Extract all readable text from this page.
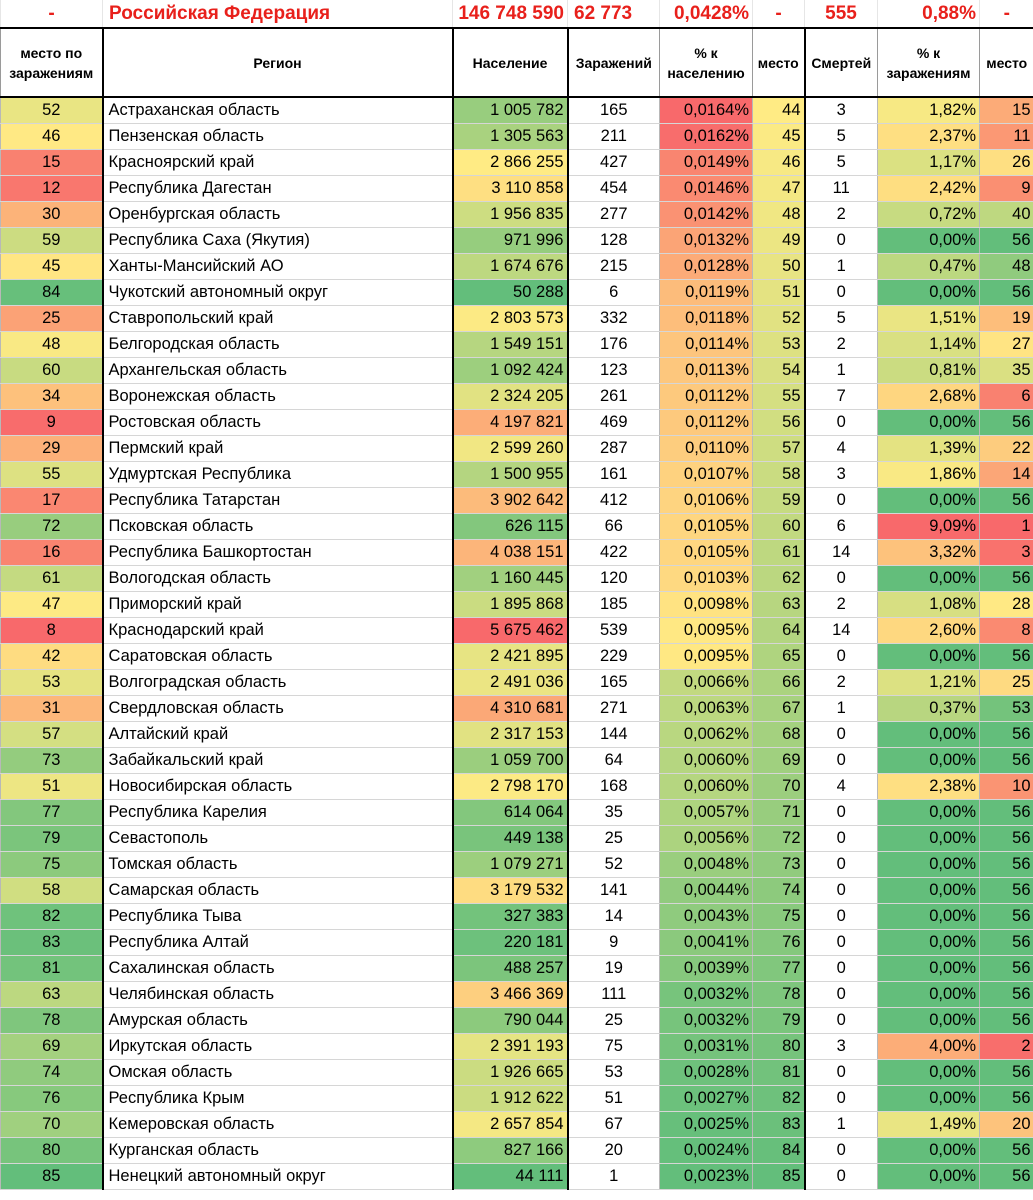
-	Российская Федерация	146 748 590	62 773	0,0428%	-	555	0,88%	-
место по заражениям	Регион	Население	Заражений	% к населению	место	Смертей	% к заражениям	место
52	Астраханская область	1 005 782	165	0,0164%	44	3	1,82%	15
46	Пензенская область	1 305 563	211	0,0162%	45	5	2,37%	11
15	Красноярский край	2 866 255	427	0,0149%	46	5	1,17%	26
12	Республика Дагестан	3 110 858	454	0,0146%	47	11	2,42%	9
30	Оренбургская область	1 956 835	277	0,0142%	48	2	0,72%	40
59	Республика Саха (Якутия)	971 996	128	0,0132%	49	0	0,00%	56
45	Ханты-Мансийский АО	1 674 676	215	0,0128%	50	1	0,47%	48
84	Чукотский автономный округ	50 288	6	0,0119%	51	0	0,00%	56
25	Ставропольский край	2 803 573	332	0,0118%	52	5	1,51%	19
48	Белгородская область	1 549 151	176	0,0114%	53	2	1,14%	27
60	Архангельская область	1 092 424	123	0,0113%	54	1	0,81%	35
34	Воронежская область	2 324 205	261	0,0112%	55	7	2,68%	6
9	Ростовская область	4 197 821	469	0,0112%	56	0	0,00%	56
29	Пермский край	2 599 260	287	0,0110%	57	4	1,39%	22
55	Удмуртская Республика	1 500 955	161	0,0107%	58	3	1,86%	14
17	Республика Татарстан	3 902 642	412	0,0106%	59	0	0,00%	56
72	Псковская область	626 115	66	0,0105%	60	6	9,09%	1
16	Республика Башкортостан	4 038 151	422	0,0105%	61	14	3,32%	3
61	Вологодская область	1 160 445	120	0,0103%	62	0	0,00%	56
47	Приморский край	1 895 868	185	0,0098%	63	2	1,08%	28
8	Краснодарский край	5 675 462	539	0,0095%	64	14	2,60%	8
42	Саратовская область	2 421 895	229	0,0095%	65	0	0,00%	56
53	Волгоградская область	2 491 036	165	0,0066%	66	2	1,21%	25
31	Свердловская область	4 310 681	271	0,0063%	67	1	0,37%	53
57	Алтайский край	2 317 153	144	0,0062%	68	0	0,00%	56
73	Забайкальский край	1 059 700	64	0,0060%	69	0	0,00%	56
51	Новосибирская область	2 798 170	168	0,0060%	70	4	2,38%	10
77	Республика Карелия	614 064	35	0,0057%	71	0	0,00%	56
79	Севастополь	449 138	25	0,0056%	72	0	0,00%	56
75	Томская область	1 079 271	52	0,0048%	73	0	0,00%	56
58	Самарская область	3 179 532	141	0,0044%	74	0	0,00%	56
82	Республика Тыва	327 383	14	0,0043%	75	0	0,00%	56
83	Республика Алтай	220 181	9	0,0041%	76	0	0,00%	56
81	Сахалинская область	488 257	19	0,0039%	77	0	0,00%	56
63	Челябинская область	3 466 369	111	0,0032%	78	0	0,00%	56
78	Амурская область	790 044	25	0,0032%	79	0	0,00%	56
69	Иркутская область	2 391 193	75	0,0031%	80	3	4,00%	2
74	Омская область	1 926 665	53	0,0028%	81	0	0,00%	56
76	Республика Крым	1 912 622	51	0,0027%	82	0	0,00%	56
70	Кемеровская область	2 657 854	67	0,0025%	83	1	1,49%	20
80	Курганская область	827 166	20	0,0024%	84	0	0,00%	56
85	Ненецкий автономный округ	44 111	1	0,0023%	85	0	0,00%	56
